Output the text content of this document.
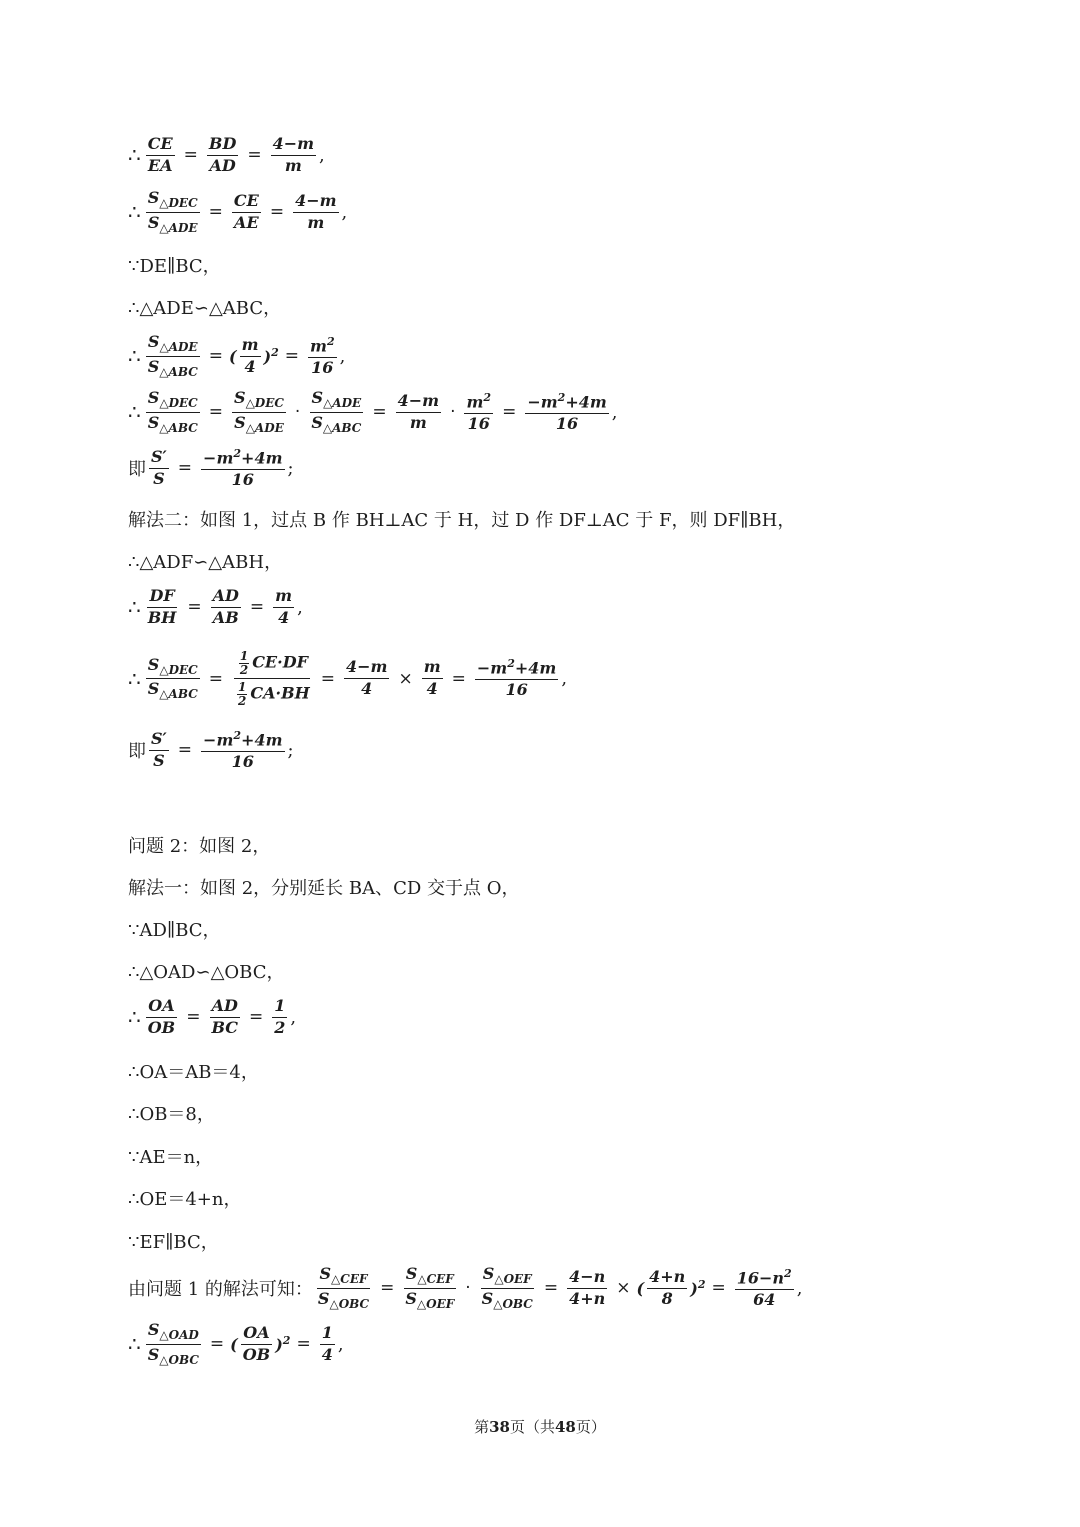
∴ $\frac{CE}{EA} = \frac{BD}{AD} = \frac{4-m}{m}$ ,
∴ $\frac{S_{\triangle DEC}}{S_{\triangle ADE}} = \frac{CE}{AE} = \frac{4-m}{m}$ ,
∵DE∥BC，
∴△ADE∽△ABC，
∴ $\frac{S_{\triangle ADE}}{S_{\triangle ABC}}$ = ( $\frac{m}{4} )^2 = \frac{m^2}{16}$ ,
∴ $\frac{S_{\triangle DEC}}{S_{\triangle ABC}} = \frac{S_{\triangle DEC}}{S_{\triangle ADE}} \cdot \frac{S_{\triangle ADE}}{S_{\triangle ABC}} = \frac{4-m}{m} \cdot \frac{m^2}{16} = \frac{-m^2+4m}{16}$ ,
即 $\frac{S'}{S} = \frac{-m^2+4m}{16}$ ;
解法二：如图 1，过点 B 作 BH⊥AC 于 H，过 D 作 DF⊥AC 于 F，则 DF∥BH，
∴△ADF∽△ABH，
∴ $\frac{DF}{BH} = \frac{AD}{AB} = \frac{m}{4}$ ,
∴ $\frac{S_{\triangle DEC}}{S_{\triangle ABC}} = \frac{\frac{1}{2} CE\cdot DF}{\frac{1}{2} CA\cdot BH} = \frac{4-m}{4} \times \frac{m}{4} = \frac{-m^2+4m}{16}$ ,
即 $\frac{S'}{S} = \frac{-m^2+4m}{16}$ ;
问题 2：如图 2，
解法一：如图 2，分别延长 BA、CD 交于点 O，
∵AD∥BC，
∴△OAD∽△OBC，
∴ $\frac{OA}{OB} = \frac{AD}{BC} = \frac{1}{2}$ ,
∴OA＝AB＝4，
∴OB＝8，
∵AE＝n，
∴OE＝4+n，
∵EF∥BC，
由问题 1 的解法可知： $\frac{S_{\triangle CEF}}{S_{\triangle OBC}} = \frac{S_{\triangle CEF}}{S_{\triangle OEF}} \cdot \frac{S_{\triangle OEF}}{S_{\triangle OBC}} = \frac{4-n}{4+n}$ × ( $\frac{4+n}{8} )^2 = \frac{16-n^2}{64}$ ,
∴ $\frac{S_{\triangle OAD}}{S_{\triangle OBC}}$ = ( $\frac{OA}{OB} )^2 = \frac{1}{4}$ ,
第38页（共48页）
